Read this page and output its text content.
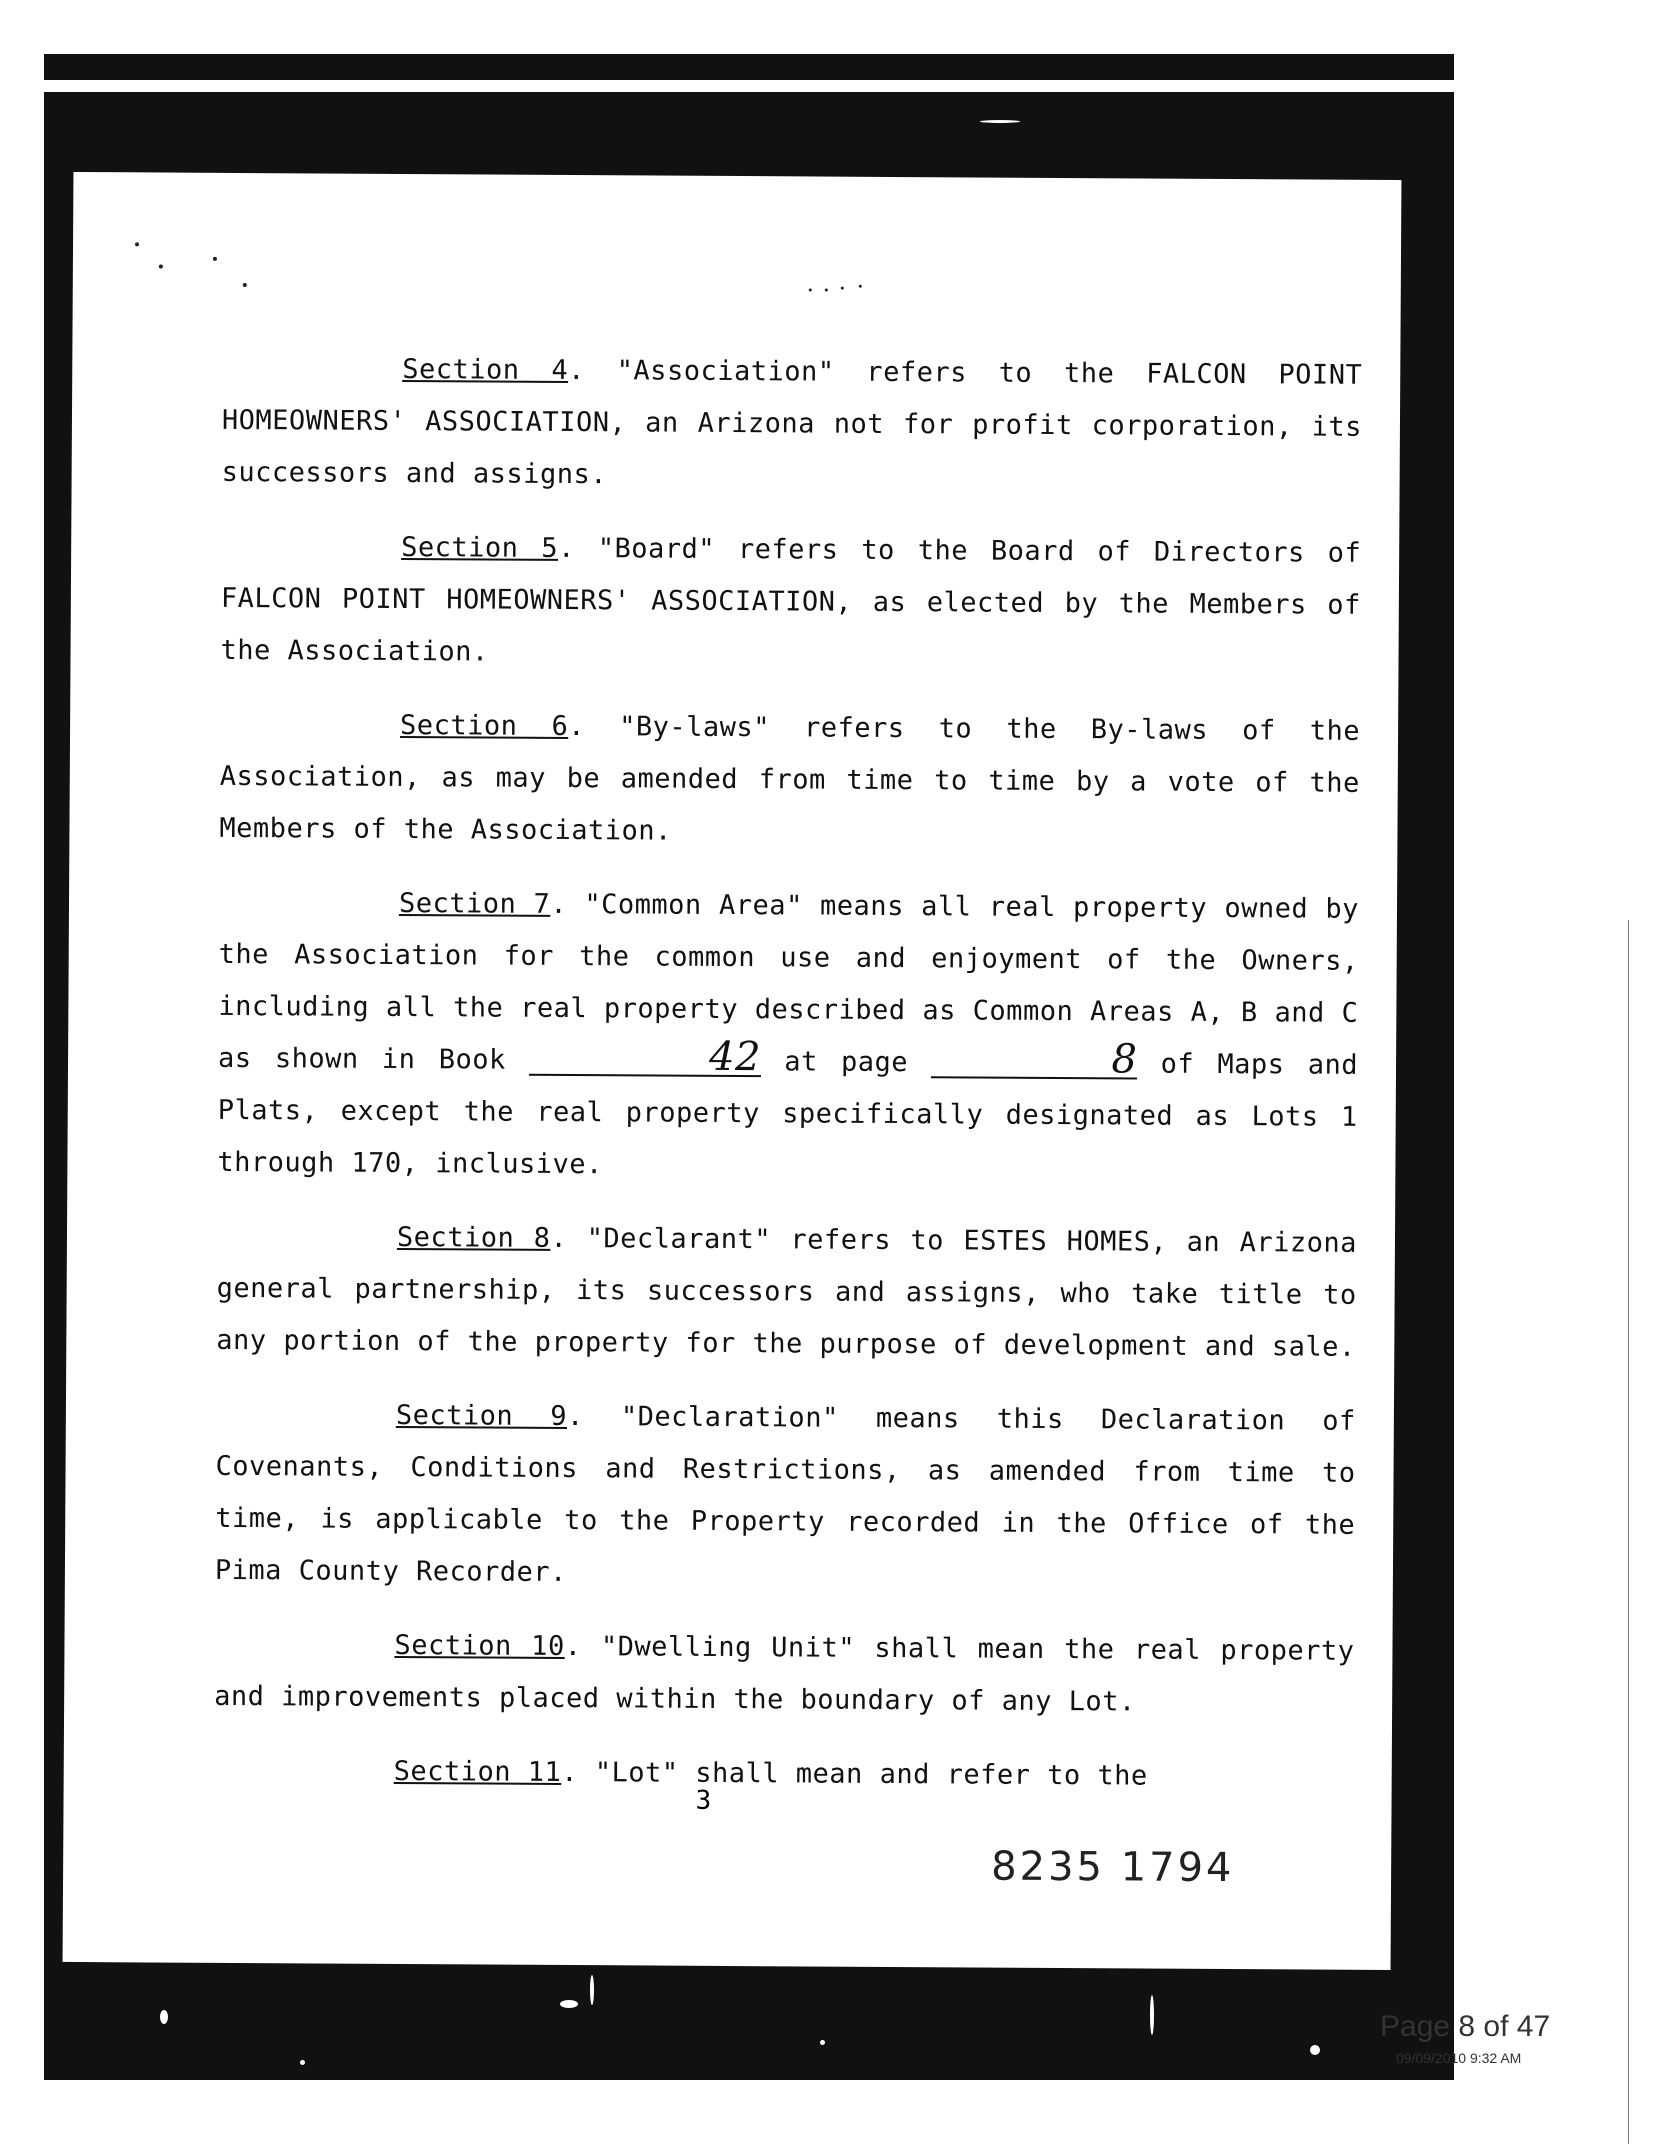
Section 4. "Association" refers to the FALCON POINT HOMEOWNERS' ASSOCIATION, an Arizona not for profit corporation, its successors and assigns.

Section 5. "Board" refers to the Board of Directors of FALCON POINT HOMEOWNERS' ASSOCIATION, as elected by the Members of the Association.

Section 6. "By-laws" refers to the By-laws of the Association, as may be amended from time to time by a vote of the Members of the Association.

Section 7. "Common Area" means all real property owned by the Association for the common use and enjoyment of the Owners, including all the real property described as Common Areas A, B and C as shown in Book	42 at page	8 of Maps and Plats, except the real property specifically designated as Lots 1 through 170, inclusive.

Section 8. "Declarant" refers to ESTES HOMES, an Arizona general partnership, its successors and assigns, who take title to any portion of the property for the purpose of development and sale.

Section 9. "Declaration" means this Declaration of Covenants, Conditions and Restrictions, as amended from time to time, is applicable to the Property recorded in the Office of the Pima County Recorder.

Section 10. "Dwelling Unit" shall mean the real property and improvements placed within the boundary of any Lot.

Section 11. "Lot" shall mean and refer to the

3
8235 1794
Page 8 of 47
09/09/2010 9:32 AM
